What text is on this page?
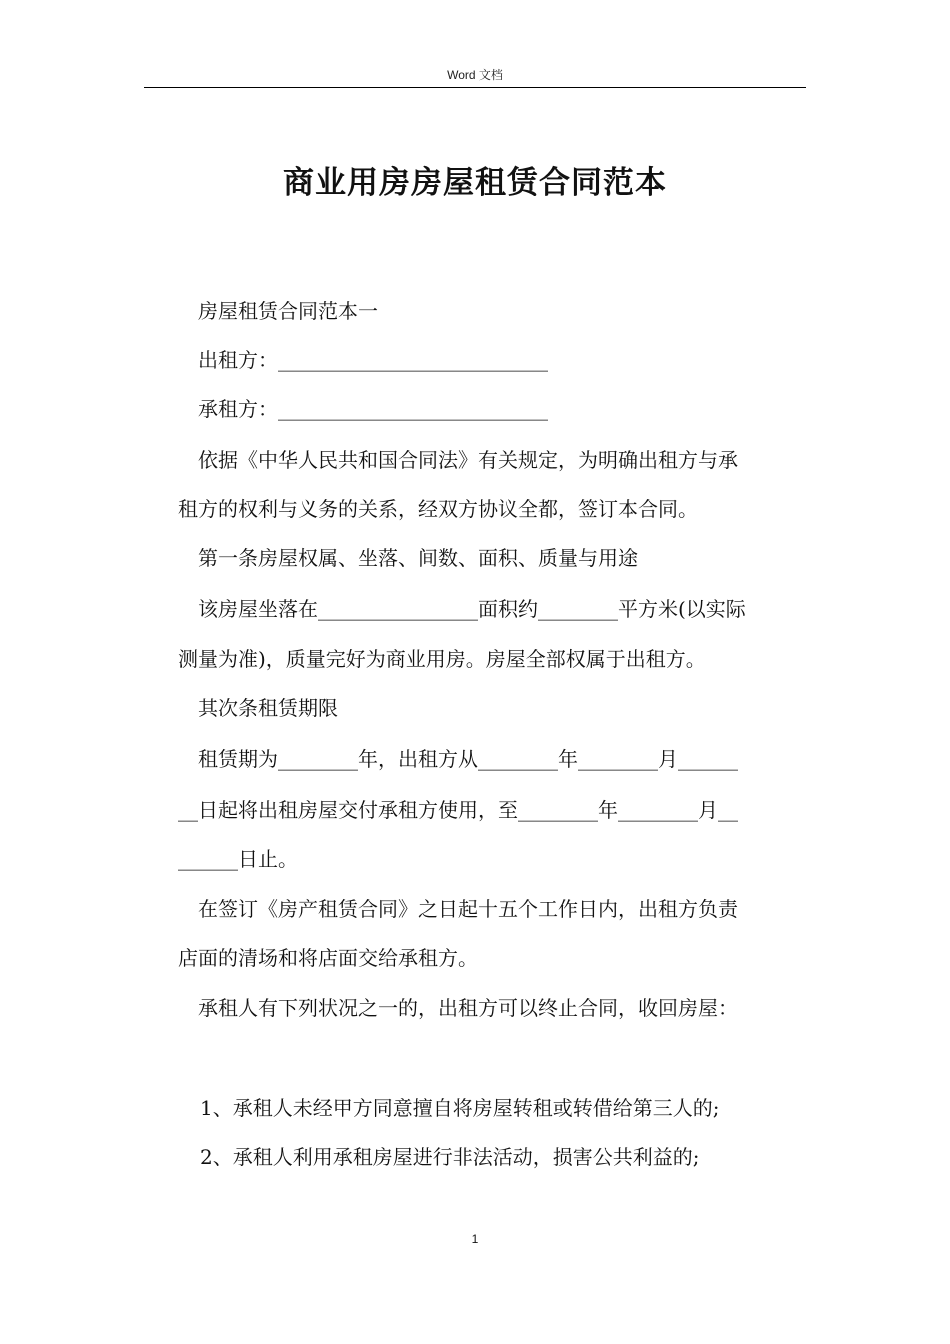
Word 文档
商业用房房屋租赁合同范本

房屋租赁合同范本一

出租方：___________________________

承租方：___________________________

依据《中华人民共和国合同法》有关规定，为明确出租方与承

租方的权利与义务的关系，经双方协议全都，签订本合同。

第一条房屋权属、坐落、间数、面积、质量与用途

该房屋坐落在________________面积约________平方米(以实际

测量为准)，质量完好为商业用房。房屋全部权属于出租方。

其次条租赁期限

租赁期为________年，出租方从________年________月______

__日起将出租房屋交付承租方使用，至________年________月__

______日止。

在签订《房产租赁合同》之日起十五个工作日内，出租方负责

店面的清场和将店面交给承租方。

承租人有下列状况之一的，出租方可以终止合同，收回房屋：

1、承租人未经甲方同意擅自将房屋转租或转借给第三人的;

2、承租人利用承租房屋进行非法活动，损害公共利益的;

1
